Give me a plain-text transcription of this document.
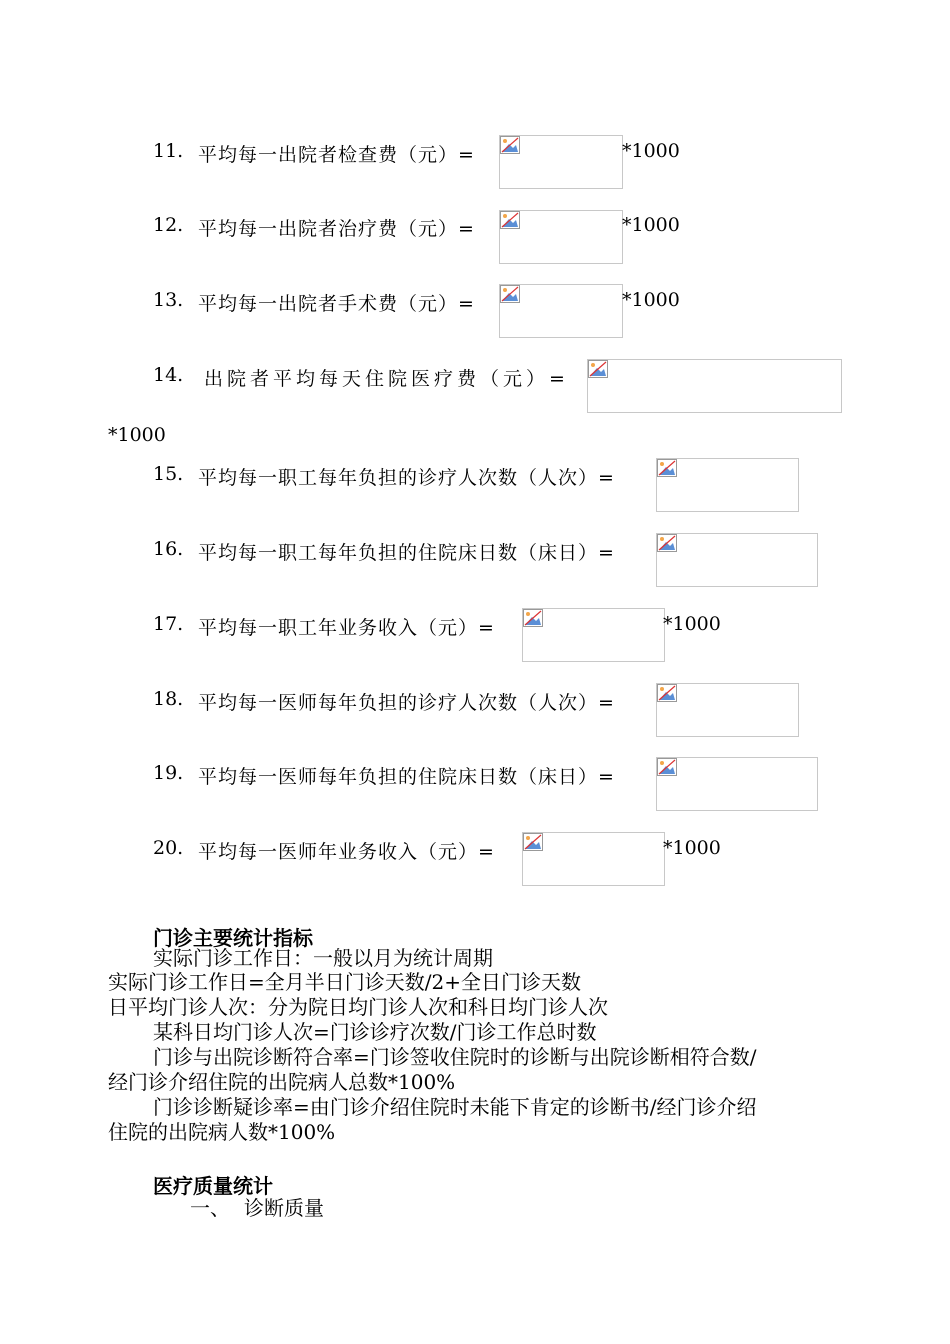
11. 平均每一出院者检查费（元）=	*1000
12. 平均每一出院者治疗费（元）=	*1000
13. 平均每一出院者手术费（元）=	*1000
14. 出院者平均每天住院医疗费（元）=
*1000
15. 平均每一职工每年负担的诊疗人次数（人次）=
16. 平均每一职工每年负担的住院床日数（床日）=
17. 平均每一职工年业务收入（元）=	*1000
18. 平均每一医师每年负担的诊疗人次数（人次）=
19. 平均每一医师每年负担的住院床日数（床日）=
20. 平均每一医师年业务收入（元）=	*1000
门诊主要统计指标
实际门诊工作日：一般以月为统计周期
实际门诊工作日=全月半日门诊天数/2+全日门诊天数
日平均门诊人次：分为院日均门诊人次和科日均门诊人次
某科日均门诊人次=门诊诊疗次数/门诊工作总时数
门诊与出院诊断符合率=门诊签收住院时的诊断与出院诊断相符合数/
经门诊介绍住院的出院病人总数*100%
门诊诊断疑诊率=由门诊介绍住院时未能下肯定的诊断书/经门诊介绍
住院的出院病人数*100%
医疗质量统计
一、 诊断质量
